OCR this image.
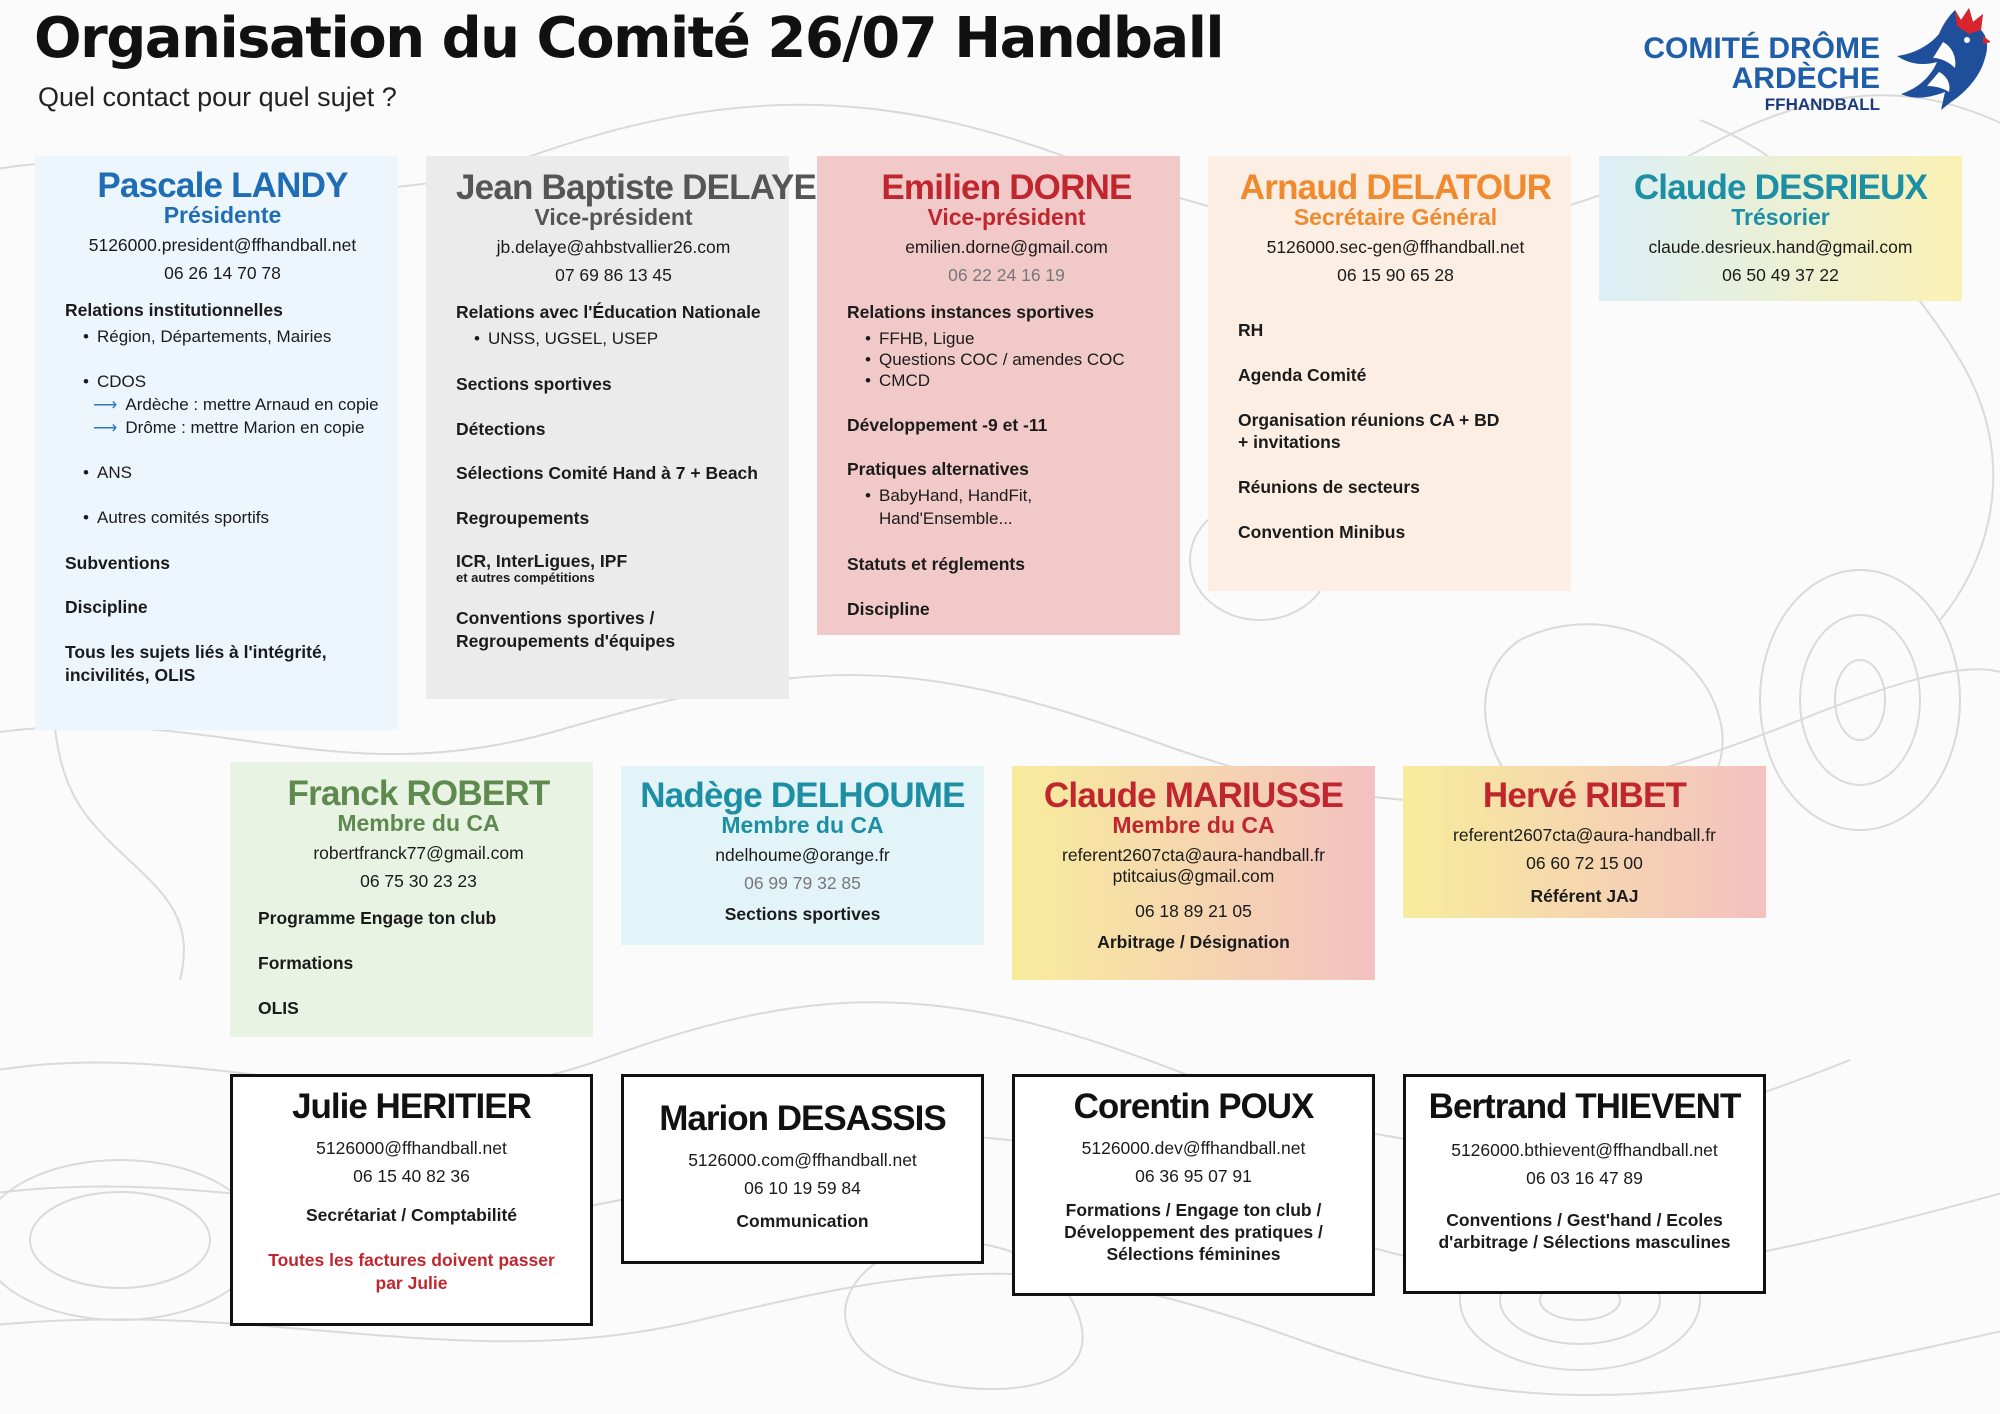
Organisation du Comité 26/07 Handball
Quel contact pour quel sujet ?
COMITÉ DRÔME
ARDÈCHE
FFHANDBALL
Pascale LANDY
Présidente
5126000.president@ffhandball.net
06 26 14 70 78
Relations institutionnelles
• Région, Départements, Mairies
• CDOS
⟶ Ardèche : mettre Arnaud en copie
⟶ Drôme : mettre Marion en copie
• ANS
• Autres comités sportifs
Subventions
Discipline
Tous les sujets liés à l'intégrité, incivilités, OLIS
Jean Baptiste DELAYE
Vice-président
jb.delaye@ahbstvallier26.com
07 69 86 13 45
Relations avec l'Éducation Nationale
• UNSS, UGSEL, USEP
Sections sportives
Détections
Sélections Comité Hand à 7 + Beach
Regroupements
ICR, InterLigues, IPF
et autres compétitions
Conventions sportives / Regroupements d'équipes
Emilien DORNE
Vice-président
emilien.dorne@gmail.com
06 22 24 16 19
Relations instances sportives
• FFHB, Ligue
• Questions COC / amendes COC
• CMCD
Développement -9 et -11
Pratiques alternatives
• BabyHand, HandFit, Hand'Ensemble...
Statuts et réglements
Discipline
Arnaud DELATOUR
Secrétaire Général
5126000.sec-gen@ffhandball.net
06 15 90 65 28
RH
Agenda Comité
Organisation réunions CA + BD + invitations
Réunions de secteurs
Convention Minibus
Claude DESRIEUX
Trésorier
claude.desrieux.hand@gmail.com
06 50 49 37 22
Franck ROBERT
Membre du CA
robertfranck77@gmail.com
06 75 30 23 23
Programme Engage ton club
Formations
OLIS
Nadège DELHOUME
Membre du CA
ndelhoume@orange.fr
06 99 79 32 85
Sections sportives
Claude MARIUSSE
Membre du CA
referent2607cta@aura-handball.fr
ptitcaius@gmail.com
06 18 89 21 05
Arbitrage / Désignation
Hervé RIBET
referent2607cta@aura-handball.fr
06 60 72 15 00
Référent JAJ
Julie HERITIER
5126000@ffhandball.net
06 15 40 82 36
Secrétariat / Comptabilité
Toutes les factures doivent passer par Julie
Marion DESASSIS
5126000.com@ffhandball.net
06 10 19 59 84
Communication
Corentin POUX
5126000.dev@ffhandball.net
06 36 95 07 91
Formations / Engage ton club / Développement des pratiques / Sélections féminines
Bertrand THIEVENT
5126000.bthievent@ffhandball.net
06 03 16 47 89
Conventions / Gest'hand / Ecoles d'arbitrage / Sélections masculines
